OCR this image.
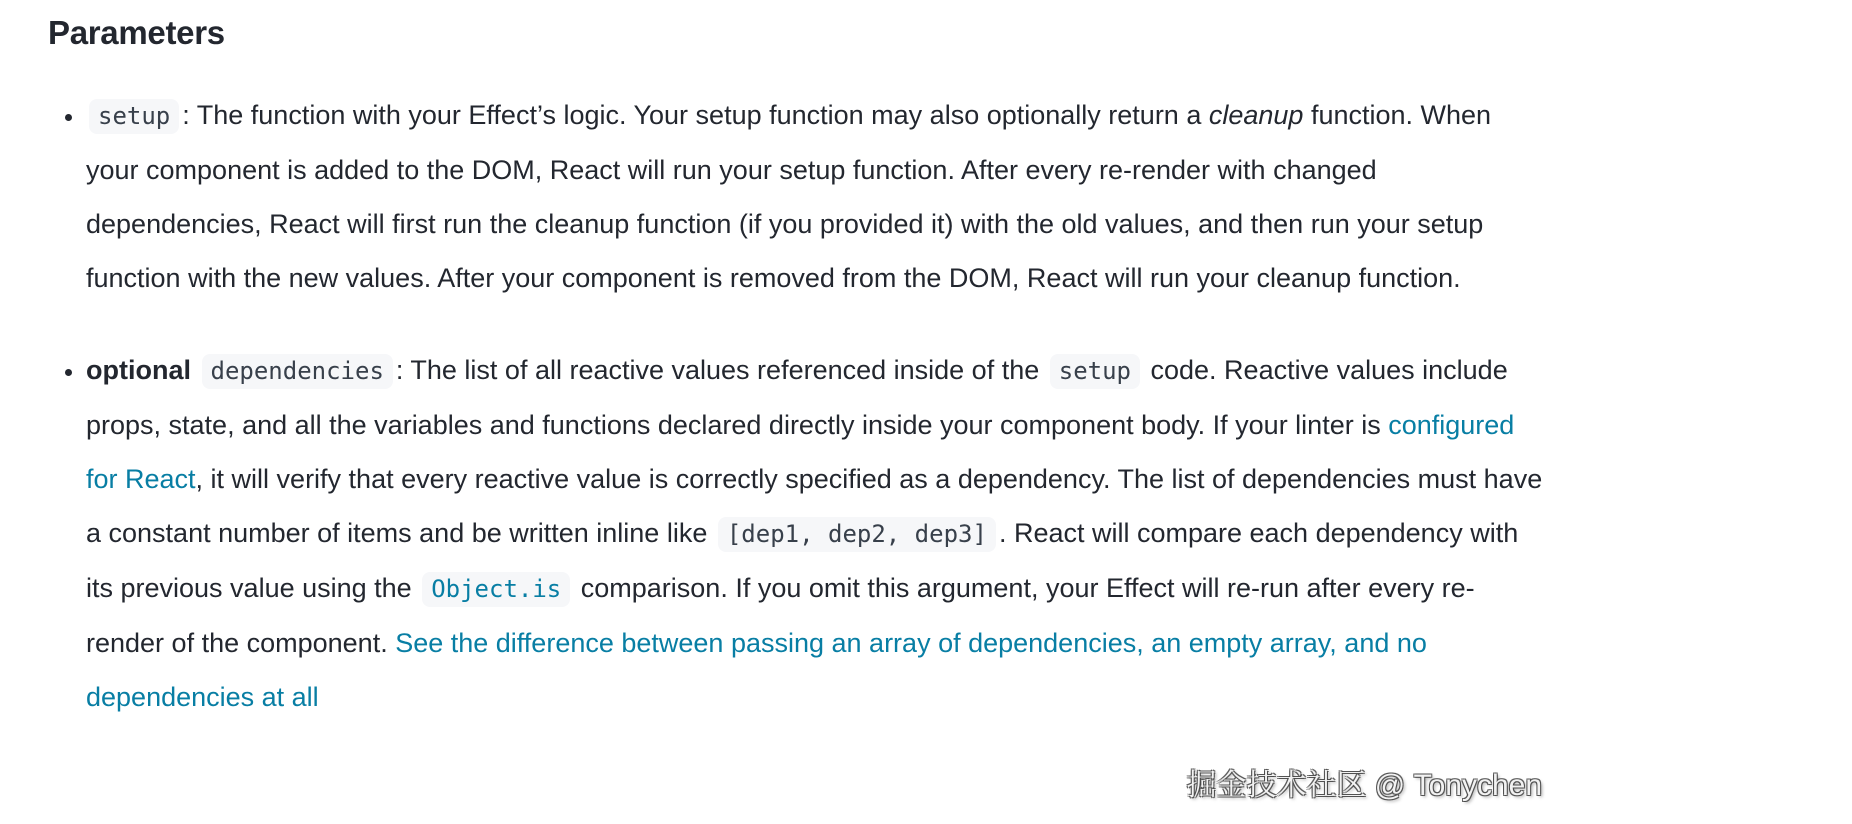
Parameters
• setup : The function with your Effect’s logic. Your setup function may also optionally return a cleanup function. When your component is added to the DOM, React will run your setup function. After every re-render with changed dependencies, React will first run the cleanup function (if you provided it) with the old values, and then run your setup function with the new values. After your component is removed from the DOM, React will run your cleanup function.
• optional dependencies : The list of all reactive values referenced inside of the setup code. Reactive values include props, state, and all the variables and functions declared directly inside your component body. If your linter is configured for React, it will verify that every reactive value is correctly specified as a dependency. The list of dependencies must have a constant number of items and be written inline like [dep1, dep2, dep3] . React will compare each dependency with its previous value using the Object.is comparison. If you omit this argument, your Effect will re-run after every re-render of the component. See the difference between passing an array of dependencies, an empty array, and no dependencies at all
掘金技术社区 @ Tonychen
